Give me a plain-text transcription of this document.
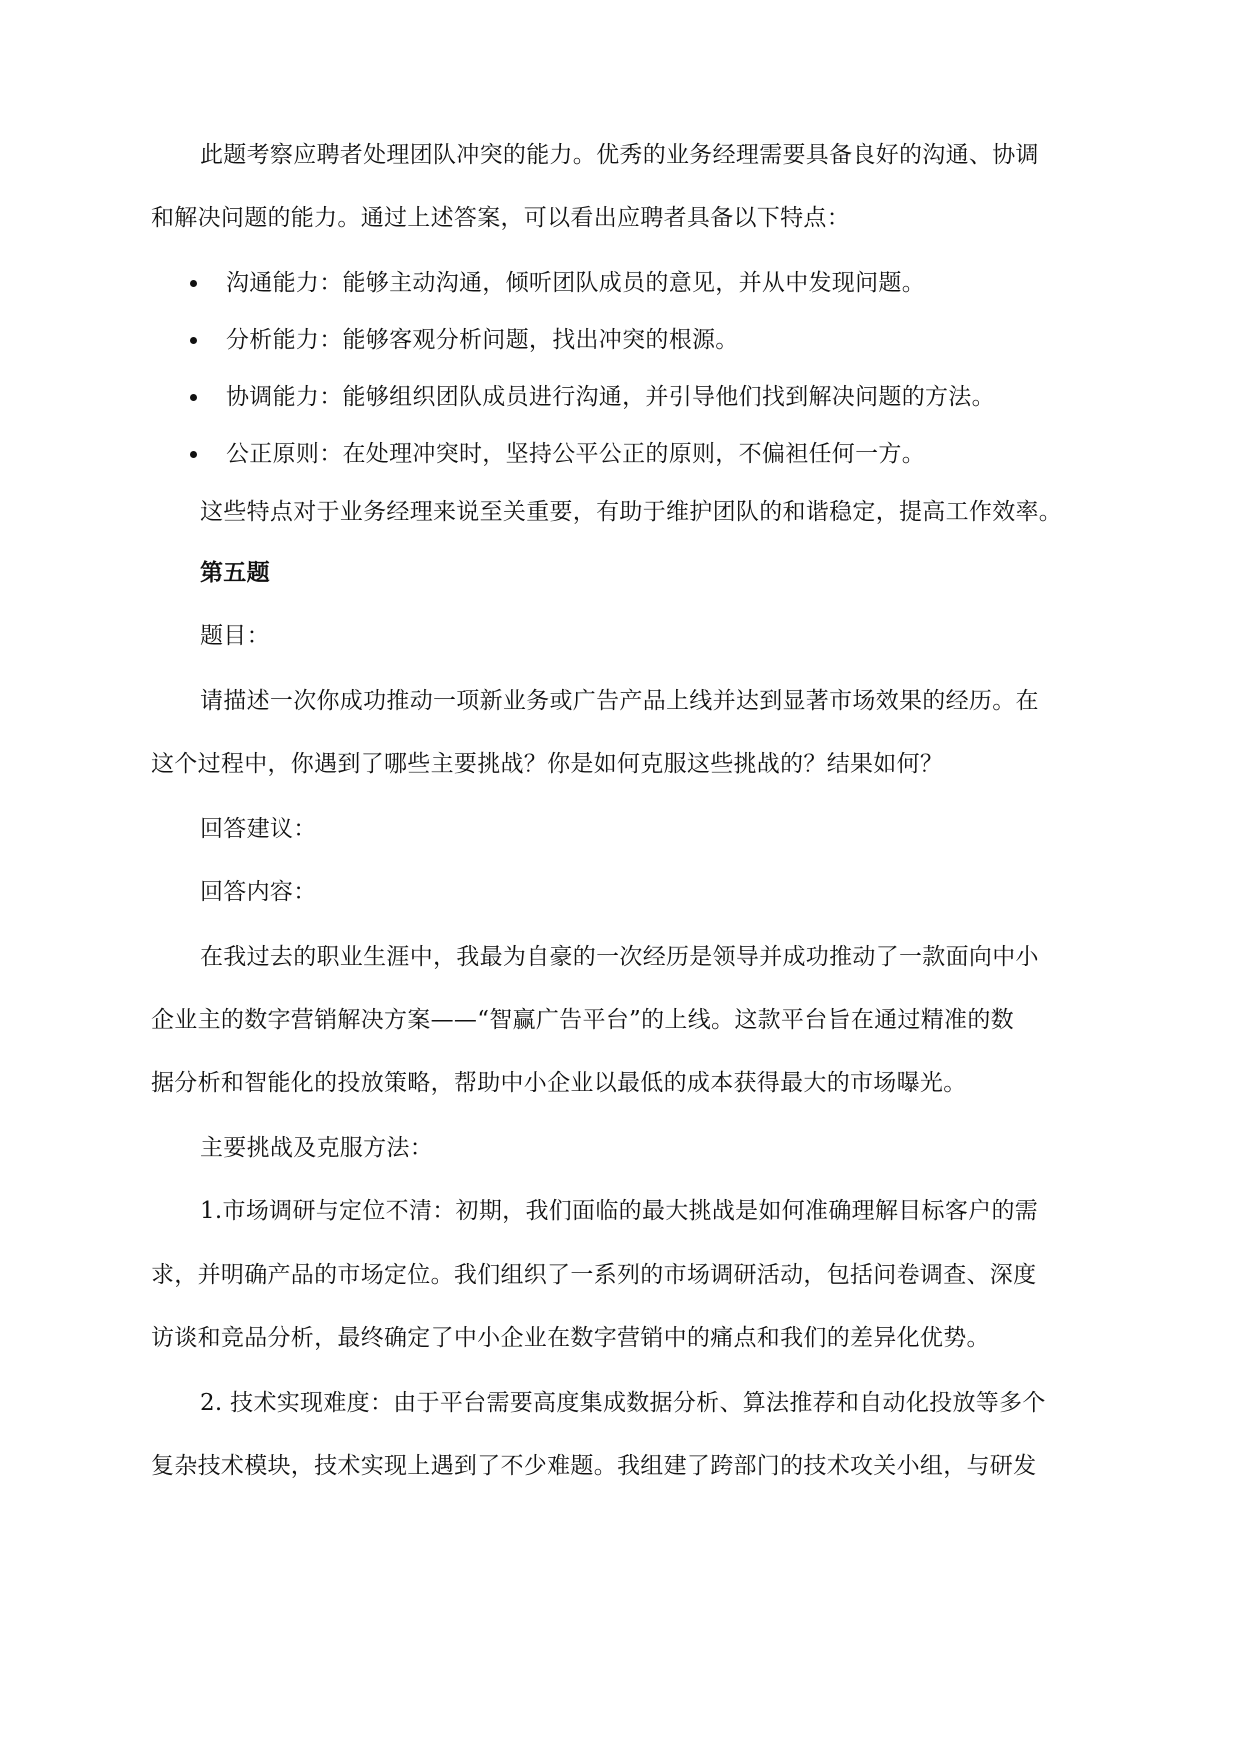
此题考察应聘者处理团队冲突的能力。优秀的业务经理需要具备良好的沟通、协调
和解决问题的能力。通过上述答案，可以看出应聘者具备以下特点：
沟通能力：能够主动沟通，倾听团队成员的意见，并从中发现问题。
分析能力：能够客观分析问题，找出冲突的根源。
协调能力：能够组织团队成员进行沟通，并引导他们找到解决问题的方法。
公正原则：在处理冲突时，坚持公平公正的原则，不偏袒任何一方。
这些特点对于业务经理来说至关重要，有助于维护团队的和谐稳定，提高工作效率。
第五题
题目：
请描述一次你成功推动一项新业务或广告产品上线并达到显著市场效果的经历。在
这个过程中，你遇到了哪些主要挑战？你是如何克服这些挑战的？结果如何？
回答建议：
回答内容：
在我过去的职业生涯中，我最为自豪的一次经历是领导并成功推动了一款面向中小
企业主的数字营销解决方案——“智赢广告平台”的上线。这款平台旨在通过精准的数
据分析和智能化的投放策略，帮助中小企业以最低的成本获得最大的市场曝光。
主要挑战及克服方法：
1.市场调研与定位不清：初期，我们面临的最大挑战是如何准确理解目标客户的需
求，并明确产品的市场定位。我们组织了一系列的市场调研活动，包括问卷调查、深度
访谈和竞品分析，最终确定了中小企业在数字营销中的痛点和我们的差异化优势。
2. 技术实现难度：由于平台需要高度集成数据分析、算法推荐和自动化投放等多个
复杂技术模块，技术实现上遇到了不少难题。我组建了跨部门的技术攻关小组，与研发
